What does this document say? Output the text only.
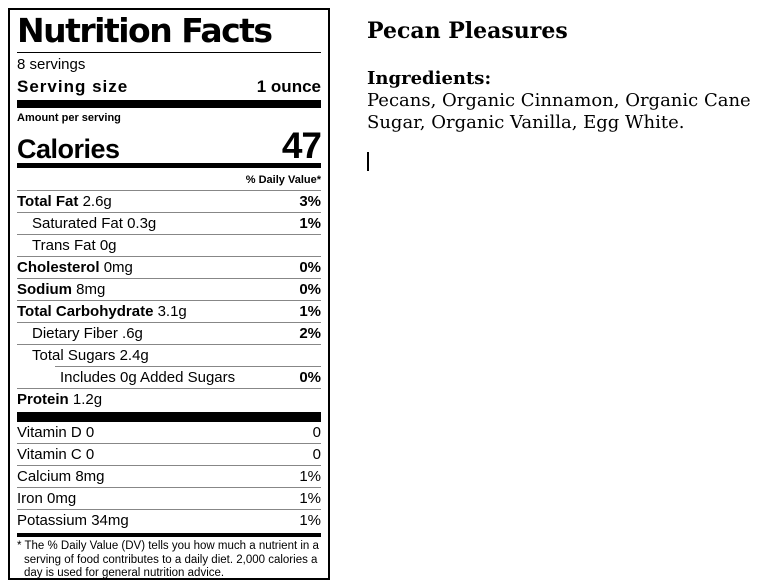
Nutrition Facts
8 servings
Serving size	1 ounce
Amount per serving
Calories	47
% Daily Value*
Total Fat 2.6g	3%
Saturated Fat 0.3g	1%
Trans Fat 0g
Cholesterol 0mg	0%
Sodium 8mg	0%
Total Carbohydrate 3.1g	1%
Dietary Fiber .6g	2%
Total Sugars 2.4g
Includes 0g Added Sugars	0%
Protein 1.2g
Vitamin D 0	0
Vitamin C 0	0
Calcium 8mg	1%
Iron 0mg	1%
Potassium 34mg	1%
* The % Daily Value (DV) tells you how much a nutrient in a serving of food contributes to a daily diet. 2,000 calories a day is used for general nutrition advice.
Pecan Pleasures
Ingredients:
Pecans, Organic Cinnamon, Organic Cane Sugar, Organic Vanilla, Egg White.
